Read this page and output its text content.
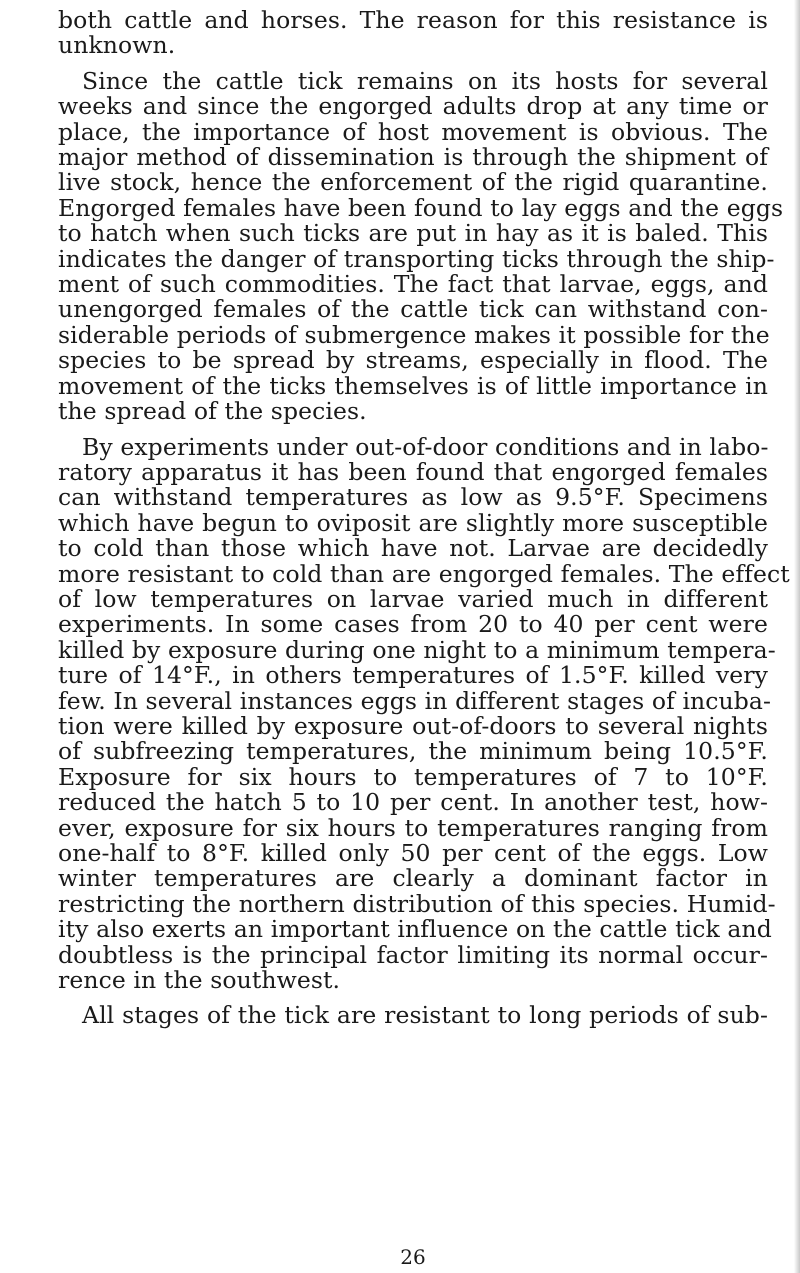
both cattle and horses. The reason for this resistance is
unknown.
Since the cattle tick remains on its hosts for several
weeks and since the engorged adults drop at any time or
place, the importance of host movement is obvious. The
major method of dissemination is through the shipment of
live stock, hence the enforcement of the rigid quarantine.
Engorged females have been found to lay eggs and the eggs
to hatch when such ticks are put in hay as it is baled. This
indicates the danger of transporting ticks through the ship-
ment of such commodities. The fact that larvae, eggs, and
unengorged females of the cattle tick can withstand con-
siderable periods of submergence makes it possible for the
species to be spread by streams, especially in flood. The
movement of the ticks themselves is of little importance in
the spread of the species.
By experiments under out-of-door conditions and in labo-
ratory apparatus it has been found that engorged females
can withstand temperatures as low as 9.5°F. Specimens
which have begun to oviposit are slightly more susceptible
to cold than those which have not. Larvae are decidedly
more resistant to cold than are engorged females. The effect
of low temperatures on larvae varied much in different
experiments. In some cases from 20 to 40 per cent were
killed by exposure during one night to a minimum tempera-
ture of 14°F., in others temperatures of 1.5°F. killed very
few. In several instances eggs in different stages of incuba-
tion were killed by exposure out-of-doors to several nights
of subfreezing temperatures, the minimum being 10.5°F.
Exposure for six hours to temperatures of 7 to 10°F.
reduced the hatch 5 to 10 per cent. In another test, how-
ever, exposure for six hours to temperatures ranging from
one-half to 8°F. killed only 50 per cent of the eggs. Low
winter temperatures are clearly a dominant factor in
restricting the northern distribution of this species. Humid-
ity also exerts an important influence on the cattle tick and
doubtless is the principal factor limiting its normal occur-
rence in the southwest.
All stages of the tick are resistant to long periods of sub-
26
